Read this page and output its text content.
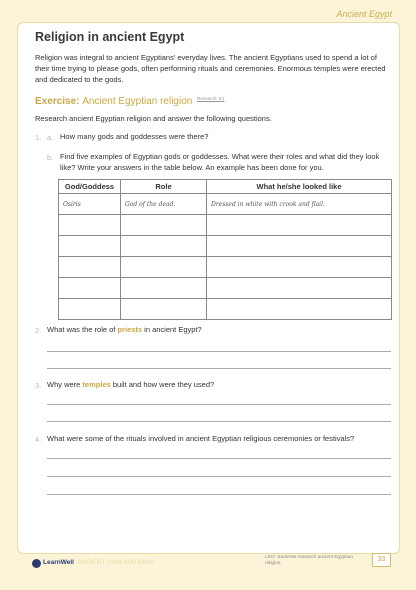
Ancient Egypt
Religion in ancient Egypt

Religion was integral to ancient Egyptians' everyday lives. The ancient Egyptians used to spend a lot of their time trying to please gods, often performing rituals and ceremonies. Enormous temples were erected and dedicated to the gods.

Exercise: Ancient Egyptian religion $^{Research: E1}$
Research ancient Egyptian religion and answer the following questions.
1. a. How many gods and goddesses were there?
b. Find five examples of Egyptian gods or goddesses. What were their roles and what did they look like? Write your answers in the table below. An example has been done for you.
God/Goddess	Role	What he/she looked like
Osiris	God of the dead.	Dressed in white with crook and flail.

2. What was the role of priests in ancient Egypt?
3. Why were temples built and how were they used?
4. What were some of the rituals involved in ancient Egyptian religious ceremonies or festivals?
LearnWell ANCIENT CIVILISATIONS
LEO: Students research ancient Egyptian religion.
33
